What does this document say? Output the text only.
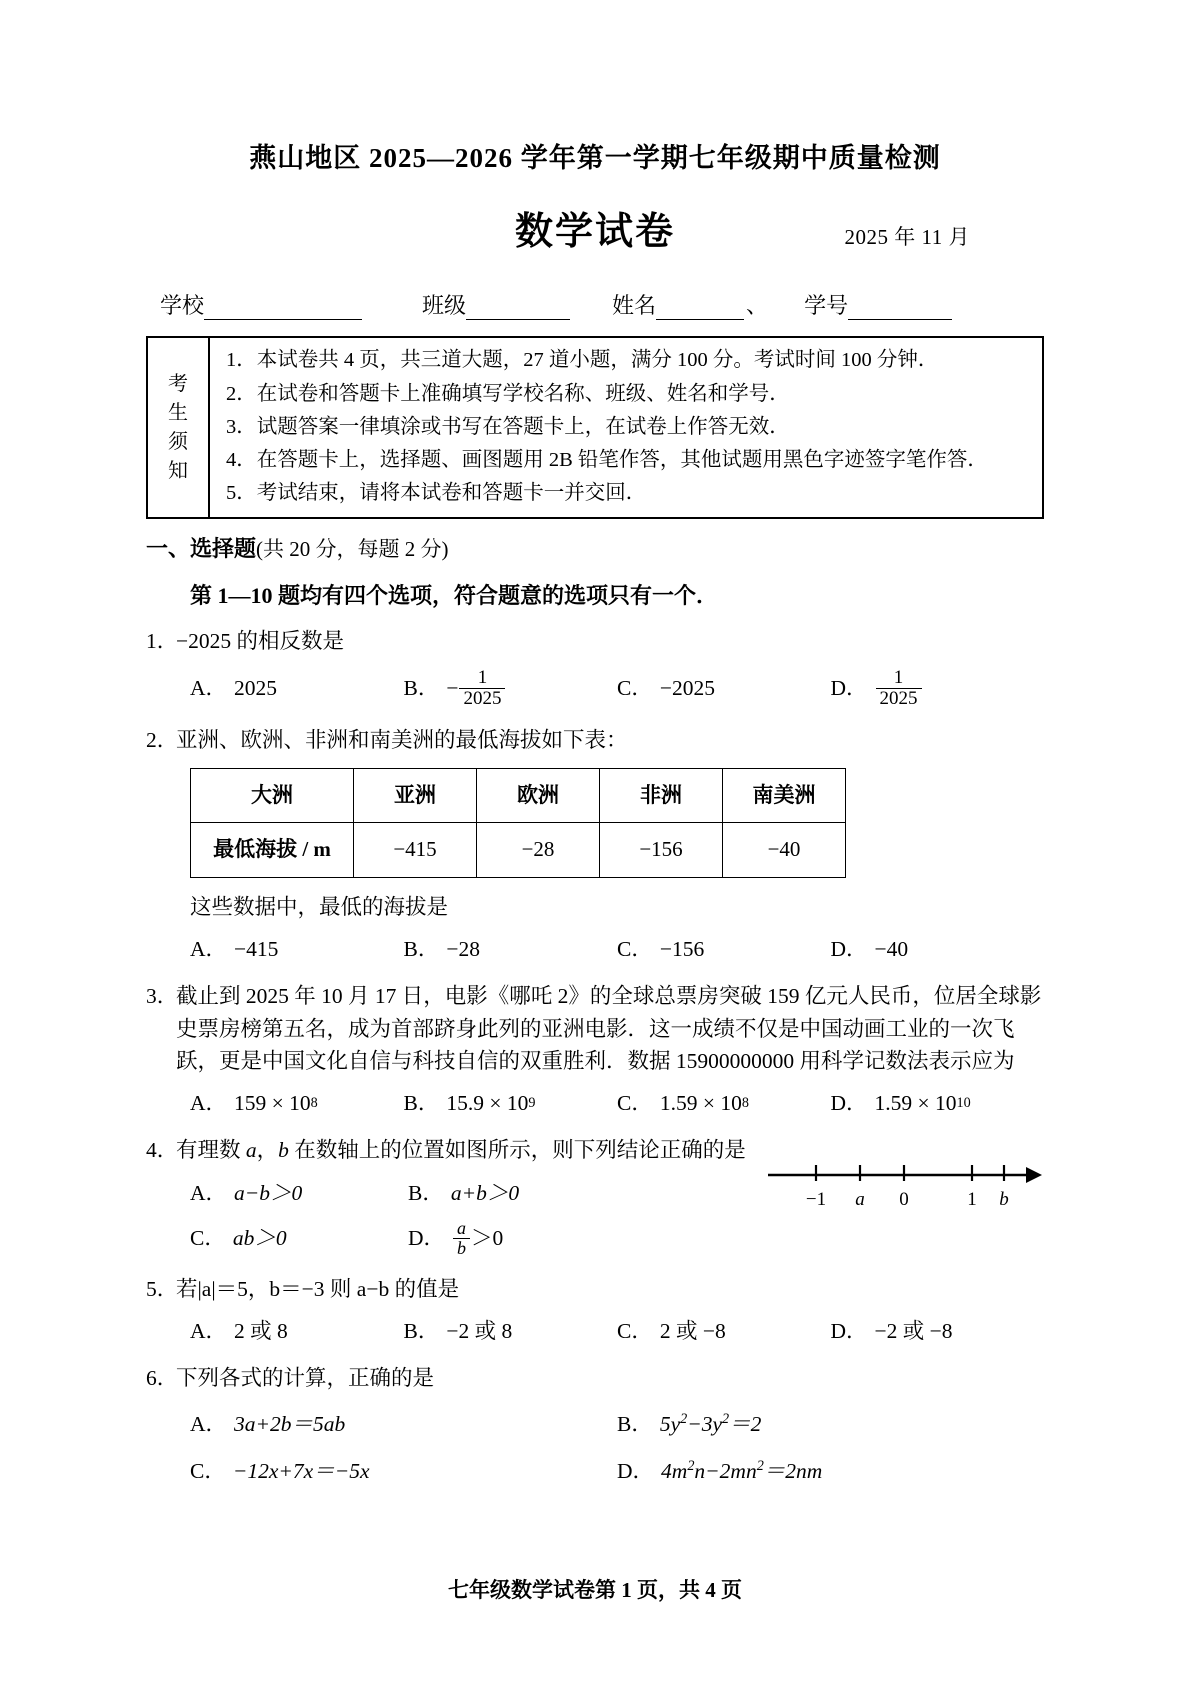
燕山地区 2025—2026 学年第一学期七年级期中质量检测
数学试卷	2025 年 11 月
学校	班级	姓名	、 学号
考
生
须
知
1．本试卷共 4 页，共三道大题，27 道小题，满分 100 分。考试时间 100 分钟．
2．在试卷和答题卡上准确填写学校名称、班级、姓名和学号．
3．试题答案一律填涂或书写在答题卡上，在试卷上作答无效．
4．在答题卡上，选择题、画图题用 2B 铅笔作答，其他试题用黑色字迹签字笔作答．
5．考试结束，请将本试卷和答题卡一并交回．
一、选择题(共 20 分，每题 2 分)
第 1—10 题均有四个选项，符合题意的选项只有一个．
1．
−2025 的相反数是
A． 2025	B． − $\frac{1}{2025}$	C． −2025	D． $\frac{1}{2025}$
2．
亚洲、欧洲、非洲和南美洲的最低海拔如下表：
大洲	亚洲	欧洲	非洲	南美洲
最低海拔 / m	−415	−28	−156	−40
这些数据中，最低的海拔是
A． −415	B． −28	C． −156	D． −40
3．
截止到 2025 年 10 月 17 日，电影《哪吒 2》的全球总票房突破 159 亿元人民币，位居全球影史票房榜第五名，成为首部跻身此列的亚洲电影．这一成绩不仅是中国动画工业的一次飞跃，更是中国文化自信与科技自信的双重胜利．数据 15900000000 用科学记数法表示应为
A． 159 × 10 8	B． 15.9 × 10 9	C． 1.59 × 10 8	D． 1.59 × 10 10
4．
有理数 a，b 在数轴上的位置如图所示，则下列结论正确的是
A． a−b＞0	B． a+b＞0	−1 a 0	1 b
C． ab＞0	D． $\frac{a}{b} >0$
5．
若|a|＝5，b＝−3 则 a−b 的值是
A． 2 或 8	B． −2 或 8	C． 2 或 −8	D． −2 或 −8
6．
下列各式的计算，正确的是
A． 3a+2b＝5ab	B． $5y^2-3y^2=2$
C． −12x+7x＝−5x	D． $4m^2n-2mn^2=2nm$
七年级数学试卷第 1 页，共 4 页
